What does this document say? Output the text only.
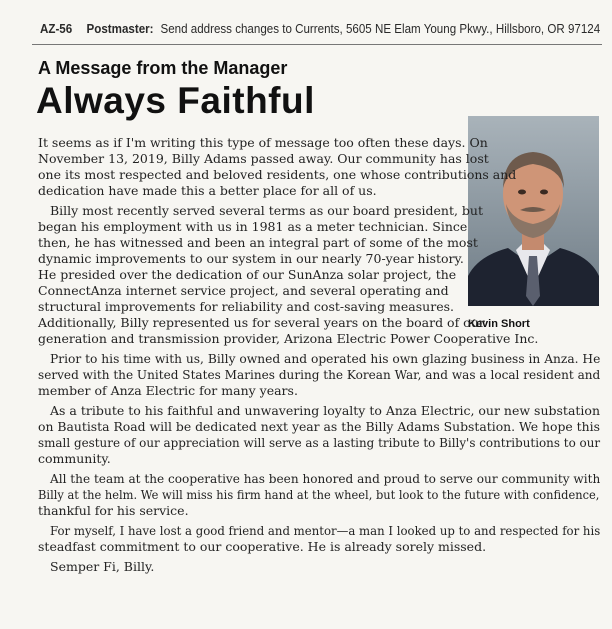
AZ-56 Postmaster: Send address changes to Currents, 5605 NE Elam Young Pkwy., Hillsboro, OR 97124
A Message from the Manager
Always Faithful
Kevin Short
It seems as if I'm writing this type of message too often these days. On
November 13, 2019, Billy Adams passed away. Our community has lost
one its most respected and beloved residents, one whose contributions and
dedication have made this a better place for all of us.
Billy most recently served several terms as our board president, but
began his employment with us in 1981 as a meter technician. Since
then, he has witnessed and been an integral part of some of the most
dynamic improvements to our system in our nearly 70-year history.
He presided over the dedication of our SunAnza solar project, the
ConnectAnza internet service project, and several operating and
structural improvements for reliability and cost-saving measures.
Additionally, Billy represented us for several years on the board of our
generation and transmission provider, Arizona Electric Power Cooperative Inc.
Prior to his time with us, Billy owned and operated his own glazing business in Anza. He
served with the United States Marines during the Korean War, and was a local resident and
member of Anza Electric for many years.
As a tribute to his faithful and unwavering loyalty to Anza Electric, our new substation
on Bautista Road will be dedicated next year as the Billy Adams Substation. We hope this
small gesture of our appreciation will serve as a lasting tribute to Billy's contributions to our
community.
All the team at the cooperative has been honored and proud to serve our community with
Billy at the helm. We will miss his firm hand at the wheel, but look to the future with confidence,
thankful for his service.
For myself, I have lost a good friend and mentor—a man I looked up to and respected for his
steadfast commitment to our cooperative. He is already sorely missed.
Semper Fi, Billy.
